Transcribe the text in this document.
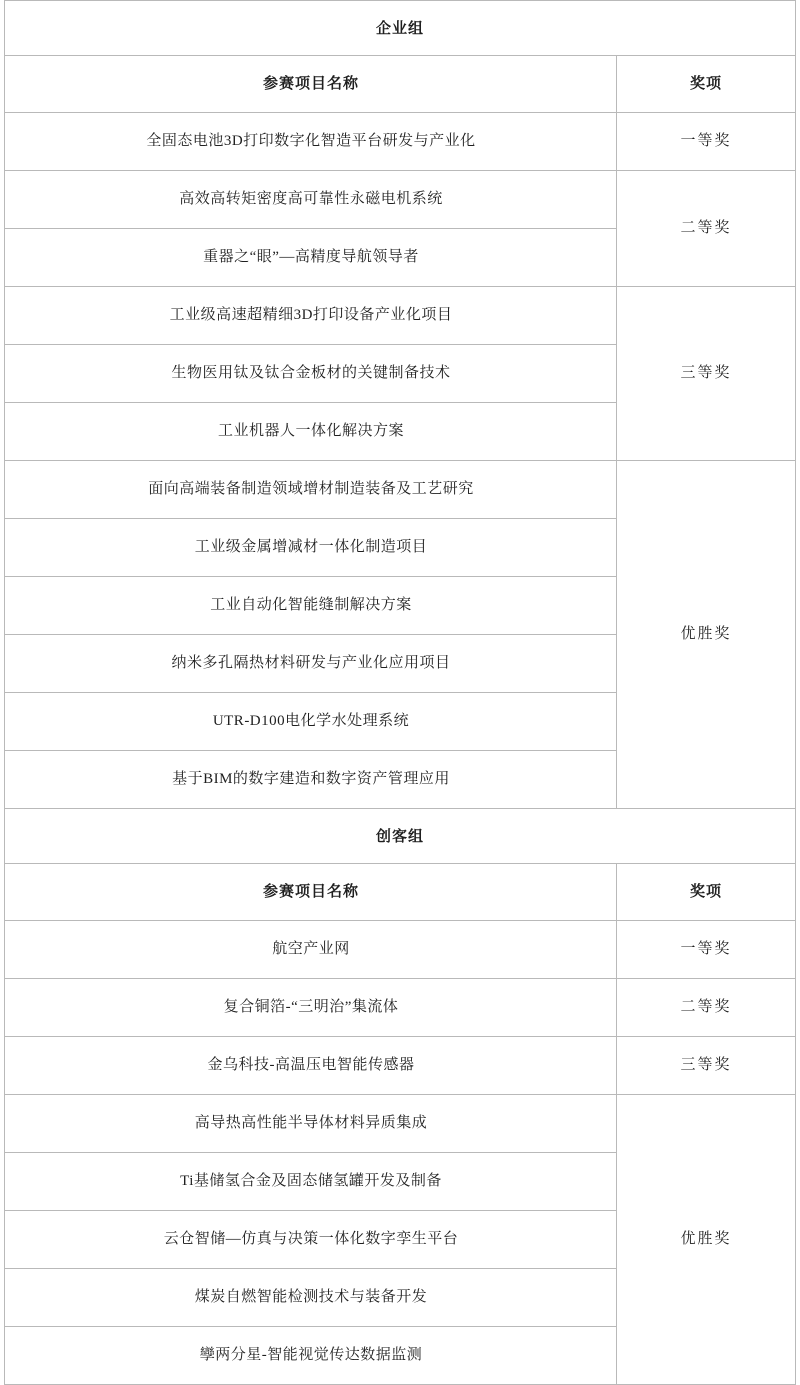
企业组	
参赛项目名称	奖项
全固态电池3D打印数字化智造平台研发与产业化	一等奖
高效高转矩密度高可靠性永磁电机系统	二等奖
重器之“眼”—高精度导航领导者	
工业级高速超精细3D打印设备产业化项目	三等奖
生物医用钛及钛合金板材的关键制备技术	
工业机器人一体化解决方案	
面向高端装备制造领域增材制造装备及工艺研究	优胜奖
工业级金属增减材一体化制造项目	
工业自动化智能缝制解决方案	
纳米多孔隔热材料研发与产业化应用项目	
UTR-D100电化学水处理系统	
基于BIM的数字建造和数字资产管理应用	
创客组	
参赛项目名称	奖项
航空产业网	一等奖
复合铜箔-“三明治”集流体	二等奖
金乌科技-高温压电智能传感器	三等奖
高导热高性能半导体材料异质集成	优胜奖
Ti基储氢合金及固态储氢罐开发及制备	
云仓智储—仿真与决策一体化数字孪生平台	
煤炭自燃智能检测技术与装备开发	
孿两分星-智能视觉传达数据监测	
